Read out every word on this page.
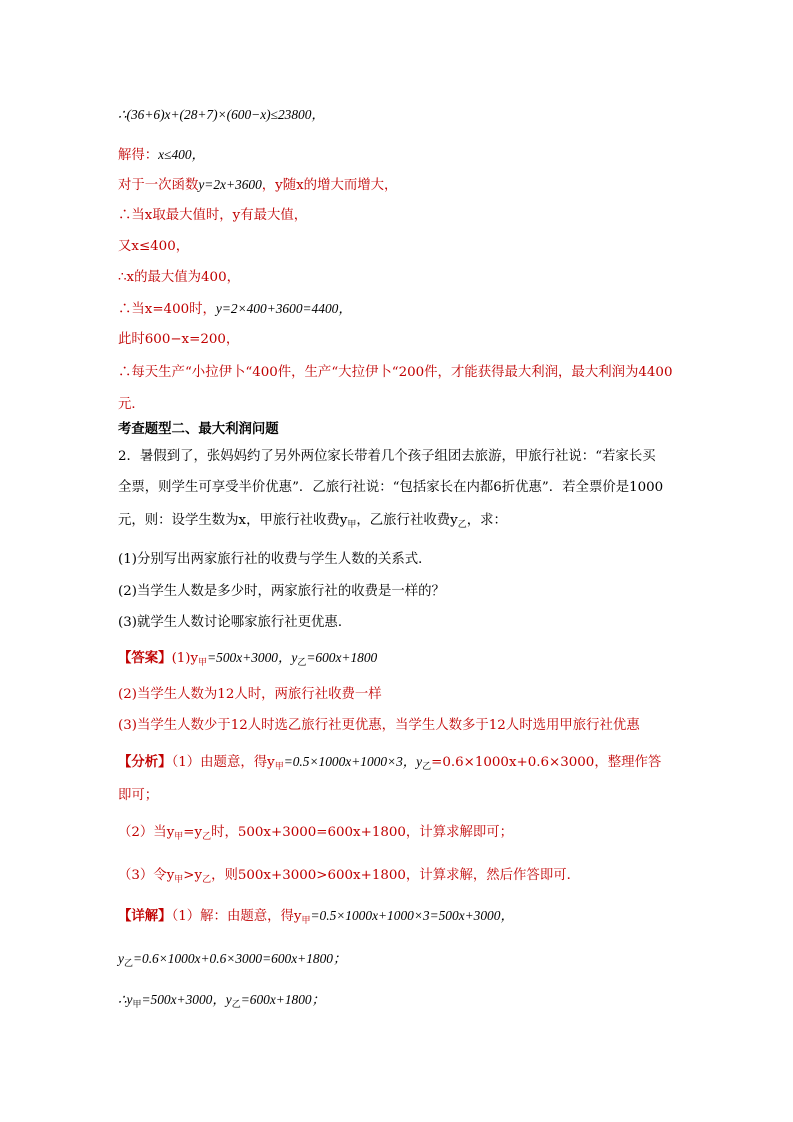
∴(36+6)x+(28+7)×(600−x)≤23800，
解得：x≤400，
对于一次函数y=2x+3600，y随x的增大而增大，
∴当x取最大值时，y有最大值，
又x≤400，
∴x的最大值为400，
∴当x=400时，y=2×400+3600=4400，
此时600−x=200，
∴每天生产“小拉伊卜“400件，生产“大拉伊卜“200件，才能获得最大利润，最大利润为4400
元．
考查题型二、最大利润问题
2．暑假到了，张妈妈约了另外两位家长带着几个孩子组团去旅游，甲旅行社说：“若家长买
全票，则学生可享受半价优惠”．乙旅行社说：“包括家长在内都6折优惠”．若全票价是1000
元，则：设学生数为x，甲旅行社收费$y_甲$，乙旅行社收费$y_乙$，求：
(1)分别写出两家旅行社的收费与学生人数的关系式．
(2)当学生人数是多少时，两家旅行社的收费是一样的？
(3)就学生人数讨论哪家旅行社更优惠．
【答案】$(1)y_甲=500x+3000$，$y_乙=600x+1800$
(2)当学生人数为12人时，两旅行社收费一样
(3)当学生人数少于12人时选乙旅行社更优惠，当学生人数多于12人时选用甲旅行社优惠
【分析】（1）由题意，得$y_甲=0.5\times 1000x+1000\times 3$，$y_乙=0.6\times 1000x+0.6\times 3000$，整理作答
即可；
（2）当$y_甲=y_乙$时，500x+3000=600x+1800，计算求解即可；
（3）令$y_甲>y_乙$，则500x+3000>600x+1800，计算求解，然后作答即可．
【详解】（1）解：由题意，得$y_甲=0.5\times 1000x+1000\times 3=500x+3000$，
$y_乙=0.6\times 1000x+0.6\times 3000=600x+1800$；
$\therefore y_甲=500x+3000$，$y_乙=600x+1800$；
